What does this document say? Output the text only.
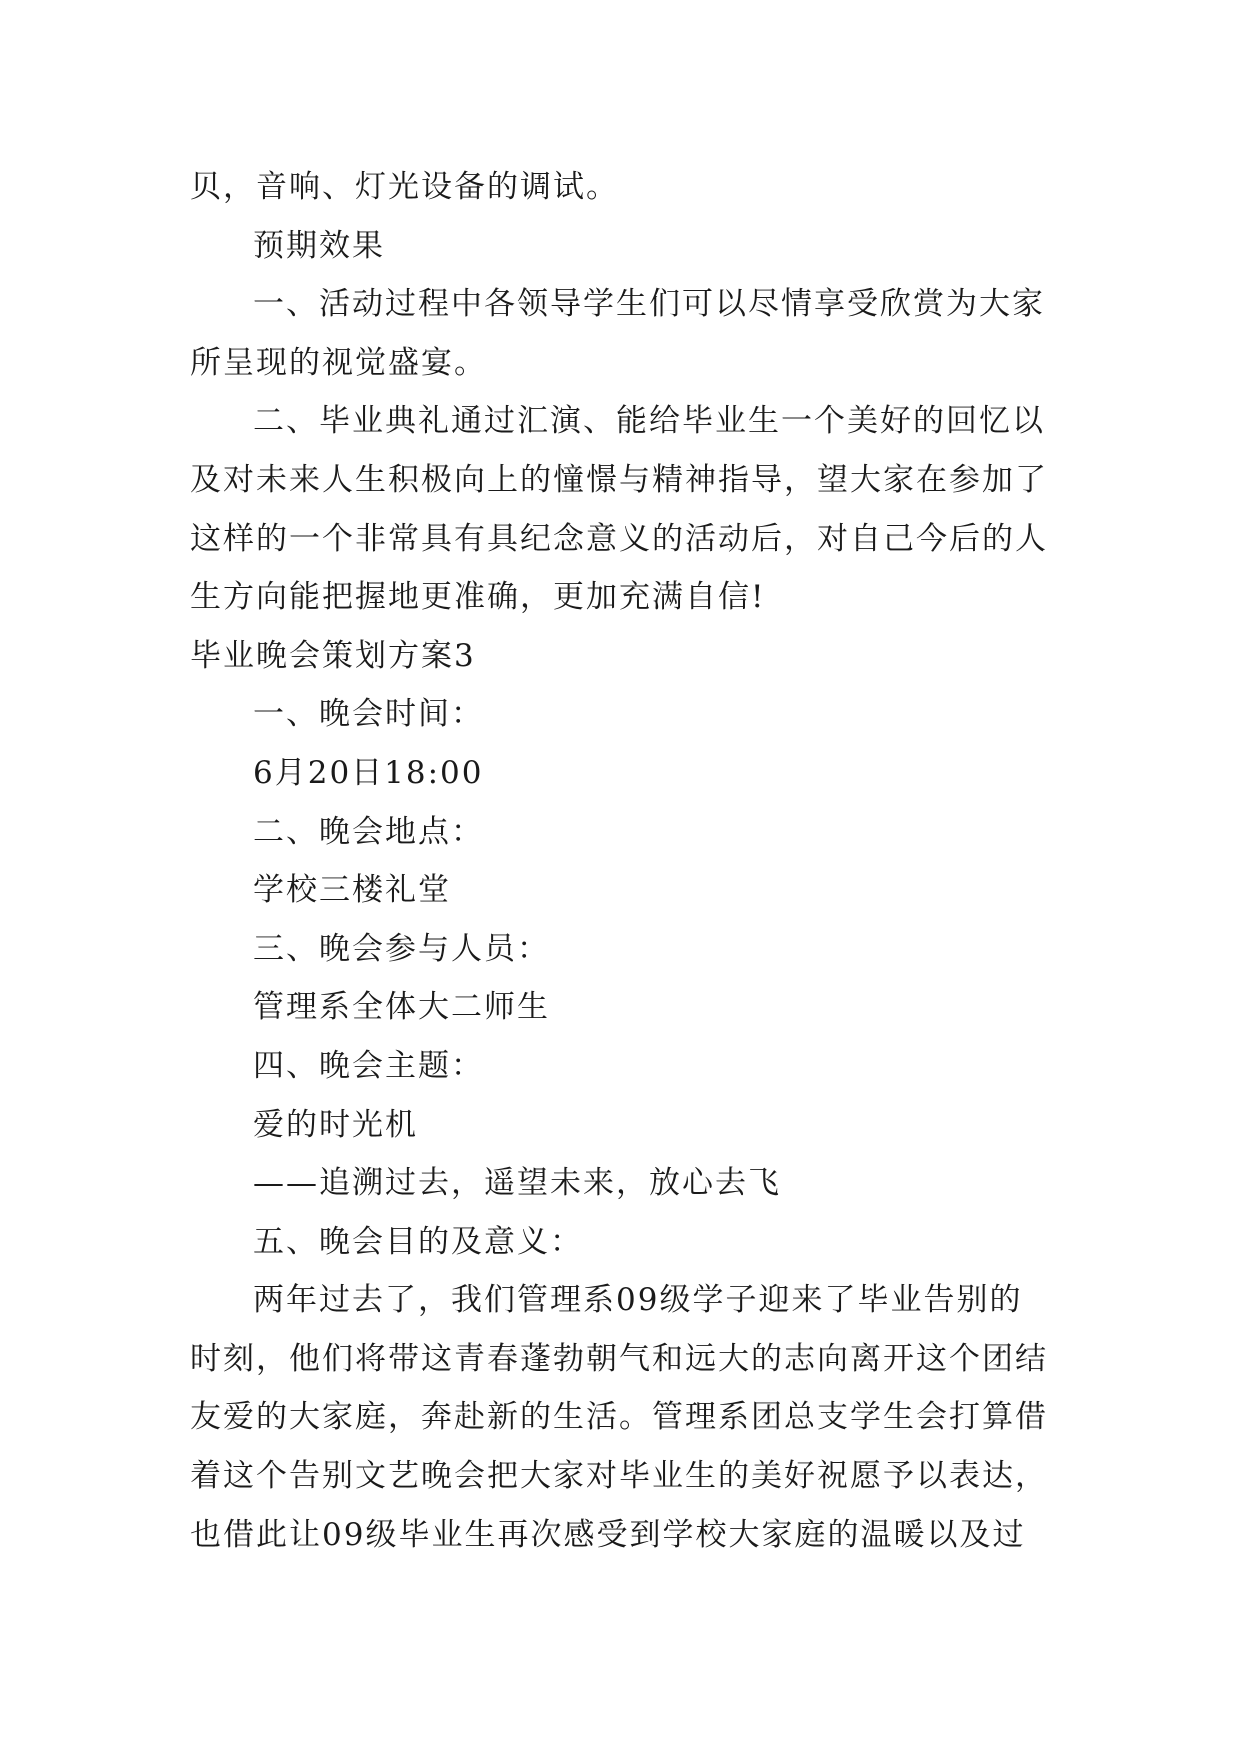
贝，音响、灯光设备的调试。
预期效果
一、活动过程中各领导学生们可以尽情享受欣赏为大家
所呈现的视觉盛宴。
二、毕业典礼通过汇演、能给毕业生一个美好的回忆以
及对未来人生积极向上的憧憬与精神指导，望大家在参加了
这样的一个非常具有具纪念意义的活动后，对自己今后的人
生方向能把握地更准确，更加充满自信!
毕业晚会策划方案3
一、晚会时间：
6月20日18:00
二、晚会地点：
学校三楼礼堂
三、晚会参与人员：
管理系全体大二师生
四、晚会主题：
爱的时光机
——追溯过去，遥望未来，放心去飞
五、晚会目的及意义：
两年过去了，我们管理系09级学子迎来了毕业告别的
时刻，他们将带这青春蓬勃朝气和远大的志向离开这个团结
友爱的大家庭，奔赴新的生活。管理系团总支学生会打算借
着这个告别文艺晚会把大家对毕业生的美好祝愿予以表达，
也借此让09级毕业生再次感受到学校大家庭的温暖以及过
